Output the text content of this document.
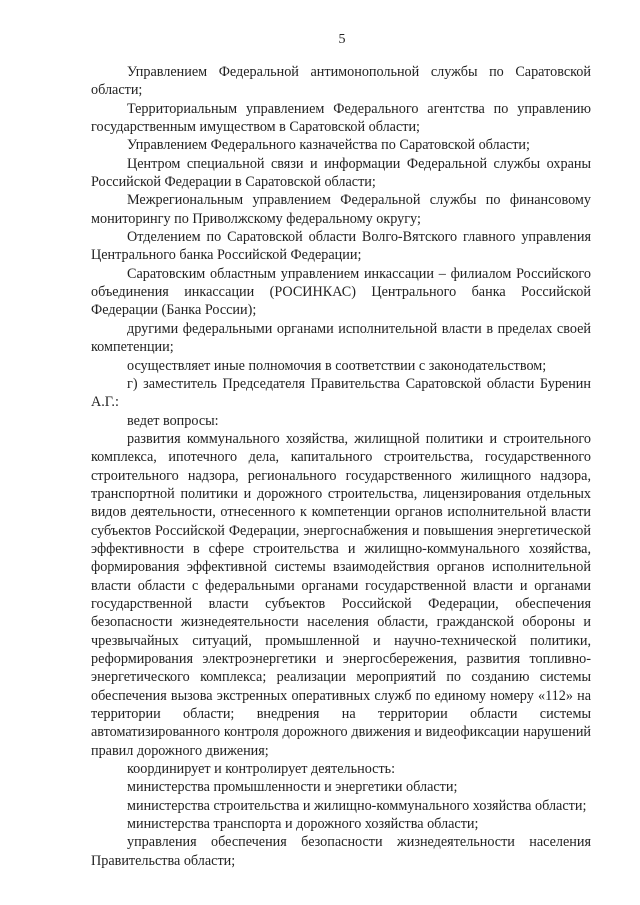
5

Управлением Федеральной антимонопольной службы по Саратовской области;

Территориальным управлением Федерального агентства по управлению государственным имуществом в Саратовской области;

Управлением Федерального казначейства по Саратовской области;

Центром специальной связи и информации Федеральной службы охраны Российской Федерации в Саратовской области;

Межрегиональным управлением Федеральной службы по финансовому мониторингу по Приволжскому федеральному округу;

Отделением по Саратовской области Волго-Вятского главного управления Центрального банка Российской Федерации;

Саратовским областным управлением инкассации – филиалом Российского объединения инкассации (РОСИНКАС) Центрального банка Российской Федерации (Банка России);

другими федеральными органами исполнительной власти в пределах своей компетенции;

осуществляет иные полномочия в соответствии с законодательством;

г) заместитель Председателя Правительства Саратовской области Буренин А.Г.:

ведет вопросы:

развития коммунального хозяйства, жилищной политики и строительного комплекса, ипотечного дела, капитального строительства, государственного строительного надзора, регионального государственного жилищного надзора, транспортной политики и дорожного строительства, лицензирования отдельных видов деятельности, отнесенного к компетенции органов исполнительной власти субъектов Российской Федерации, энергоснабжения и повышения энергетической эффективности в сфере строительства и жилищно-коммунального хозяйства, формирования эффективной системы взаимодействия органов исполнительной власти области с федеральными органами государственной власти и органами государственной власти субъектов Российской Федерации, обеспечения безопасности жизнедеятельности населения области, гражданской обороны и чрезвычайных ситуаций, промышленной и научно-технической политики, реформирования электроэнергетики и энергосбережения, развития топливно-энергетического комплекса; реализации мероприятий по созданию системы обеспечения вызова экстренных оперативных служб по единому номеру «112» на территории области; внедрения на территории области системы автоматизированного контроля дорожного движения и видеофиксации нарушений правил дорожного движения;

координирует и контролирует деятельность:

министерства промышленности и энергетики области;

министерства строительства и жилищно-коммунального хозяйства области;

министерства транспорта и дорожного хозяйства области;

управления обеспечения безопасности жизнедеятельности населения Правительства области;
